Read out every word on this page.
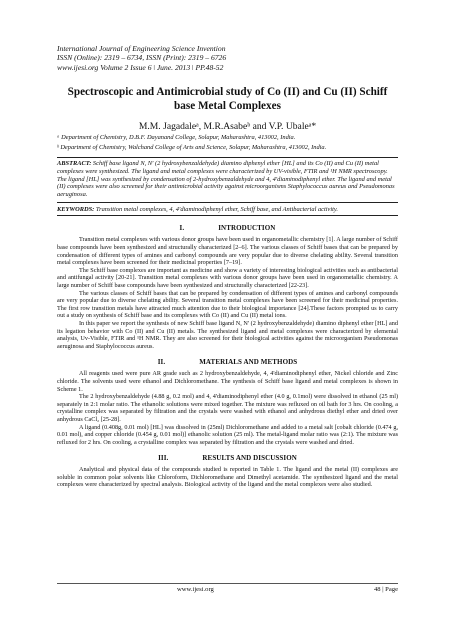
International Journal of Engineering Science Invention
ISSN (Online): 2319 – 6734, ISSN (Print): 2319 – 6726
www.ijesi.org Volume 2 Issue 6 ǀ June. 2013 ǀ PP.48-52
Spectroscopic and Antimicrobial study of Co (II) and Cu (II) Schiff base Metal Complexes
M.M. Jagadaleᵃ, M.R.Asabeᵇ and V.P. Ubaleᵃ*
ᵃ Department of Chemistry, D.B.F. Dayanand College, Solapur, Maharashtra, 413002, India.
ᵇ Department of Chemistry, Walchand College of Arts and Science, Solapur, Maharashtra, 413002, India.
ABSTRACT: Schiff base ligand N, N' (2 hydroxybenzaldehyde) diamino diphenyl ether [HL] and its Co (II) and Cu (II) metal complexes were synthesized. The ligand and metal complexes were characterized by UV-visible, FTIR and ¹H NMR spectroscopy. The ligand [HL] was synthesized by condensation of 2-hydroxybenzaldehyde and 4, 4'diaminodiphenyl ether. The ligand and metal (II) complexes were also screened for their antimicrobial activity against microorganisms Staphylococcus aureus and Pseudomonas aeruginosa.
KEYWORDS: Transition metal complexes, 4, 4'diaminodiphenyl ether, Schiff base, and Antibacterial activity.
I.	INTRODUCTION

Transition metal complexes with various donor groups have been used in organometallic chemistry [1]. A large number of Schiff base compounds have been synthesized and structurally characterized [2–6]. The various classes of Schiff bases that can be prepared by condensation of different types of amines and carbonyl compounds are very popular due to diverse chelating ability. Several transition metal complexes have been screened for their medicinal properties [7–19].

The Schiff base complexes are important as medicine and show a variety of interesting biological activities such as antibacterial and antifungal activity [20-21]. Transition metal complexes with various donor groups have been used in organometallic chemistry. A large number of Schiff base compounds have been synthesized and structurally characterized [22-23].

The various classes of Schiff bases that can be prepared by condensation of different types of amines and carbonyl compounds are very popular due to diverse chelating ability. Several transition metal complexes have been screened for their medicinal properties. The first row transition metals have attracted much attention due to their biological importance [24].These factors prompted us to carry out a study on synthesis of Schiff base and its complexes with Co (II) and Cu (II) metal ions.

In this paper we report the synthesis of new Schiff base ligand N, N' (2 hydroxybenzaldehyde) diamino diphenyl ether [HL] and its legation behavior with Co (II) and Cu (II) metals. The synthesized ligand and metal complexes were characterized by elemental analysis, Uv-Visible, FTIR and ¹H NMR. They are also screened for their biological activities against the microorganism Pseudomonas aeruginosa and Staphylococcus aureus.

II.	MATERIALS AND METHODS

All reagents used were pure AR grade such as 2 hydroxybenzaldehyde, 4, 4'diaminodiphenyl ether, Nickel chloride and Zinc chloride. The solvents used were ethanol and Dichloromethane. The synthesis of Schiff base ligand and metal complexes is shown in Scheme 1.

The 2 hydroxybenzaldehyde (4.88 g, 0.2 mol) and 4, 4'diaminodiphenyl ether (4.0 g, 0.1mol) were dissolved in ethanol (25 ml) separately in 2:1 molar ratio. The ethanolic solutions were mixed together. The mixture was refluxed on oil bath for 3 hrs. On cooling, a crystalline complex was separated by filtration and the crystals were washed with ethanol and anhydrous diethyl ether and dried over anhydrous CaCl₂ [25-28].

A ligand (0.408g, 0.01 mol) [HL] was dissolved in (25ml) Dichloromethane and added to a metal salt [cobalt chloride (0.474 g, 0.01 mol), and copper chloride (0.454 g, 0.01 mol)] ethanolic solution (25 ml). The metal-ligand molar ratio was (2:1). The mixture was refluxed for 2 hrs. On cooling, a crystalline complex was separated by filtration and the crystals were washed and dried.

III.	RESULTS AND DISCUSSION

Analytical and physical data of the compounds studied is reported in Table 1. The ligand and the metal (II) complexes are soluble in common polar solvents like Chloroform, Dichloromethane and Dimethyl acetamide. The synthesized ligand and the metal complexes were characterized by spectral analysis. Biological activity of the ligand and the metal complexes were also studied.

www.ijesi.org	48 | Page
